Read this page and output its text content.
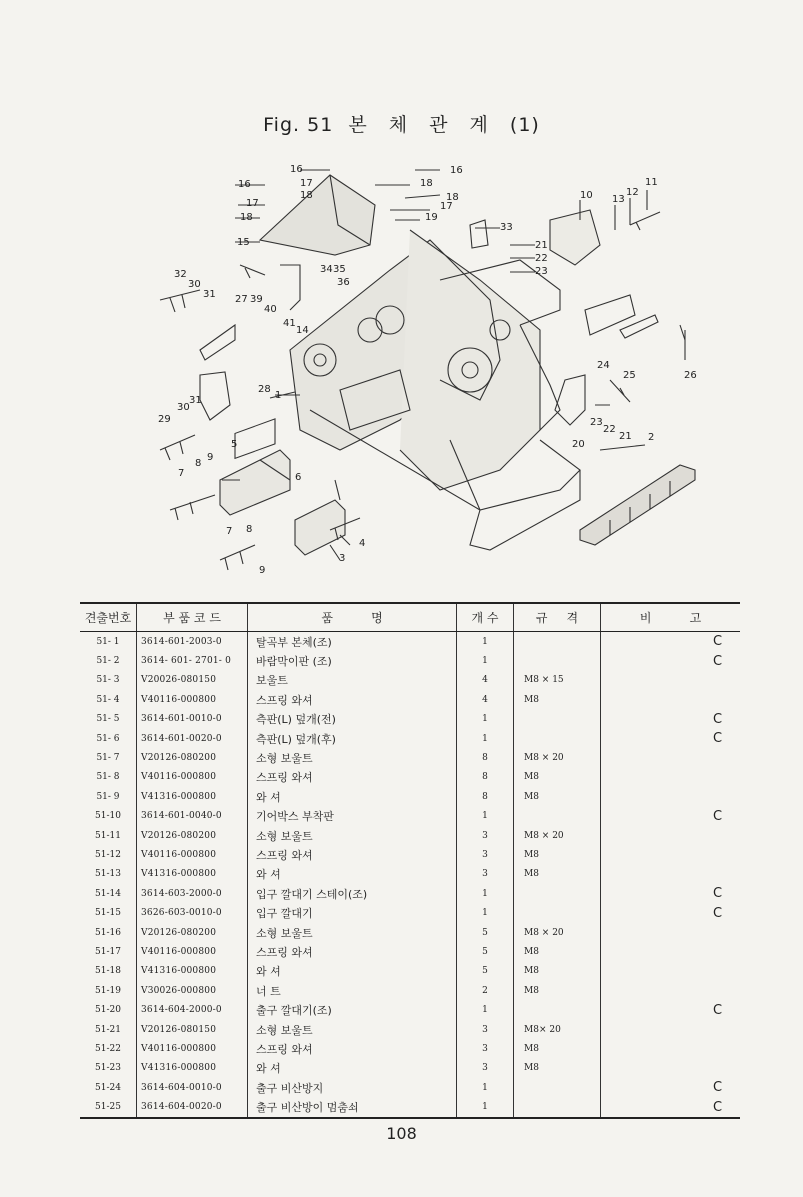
Fig. 51 본 체 관 계 (1)
16
16	17
18
16
18
18
17
19
15
17
18
33
21
22
23
10 13
12
11
32
30
31 27 39
40
41
14
34 35
36
24
25	26
1
28
20
23
22
21 2
29
30
31
5
8
9
7	6
4
3
7 8
9
견출번호	부 품 코 드	품          명	개 수	규     격	비          고
51- 1	3614-601-2003-0	탈곡부 본체(조)	1		C
51- 2	3614- 601- 2701- 0	바람막이판 (조)	1		C
51- 3	V20026-080150	보울트	4	M8 × 15	
51- 4	V40116-000800	스프링 와셔	4	M8	
51- 5	3614-601-0010-0	측판(L) 덮개(전)	1		C
51- 6	3614-601-0020-0	측판(L) 덮개(후)	1		C
51- 7	V20126-080200	소형 보울트	8	M8 × 20	
51- 8	V40116-000800	스프링 와셔	8	M8	
51- 9	V41316-000800	와 셔	8	M8	
51-10	3614-601-0040-0	기어박스 부착판	1		C
51-11	V20126-080200	소형 보울트	3	M8 × 20	
51-12	V40116-000800	스프링 와셔	3	M8	
51-13	V41316-000800	와 셔	3	M8	
51-14	3614-603-2000-0	입구 깔대기 스테이(조)	1		C
51-15	3626-603-0010-0	입구 깔대기	1		C
51-16	V20126-080200	소형 보울트	5	M8 × 20	
51-17	V40116-000800	스프링 와셔	5	M8	
51-18	V41316-000800	와 셔	5	M8	
51-19	V30026-000800	너 트	2	M8	
51-20	3614-604-2000-0	출구 깔대기(조)	1		C
51-21	V20126-080150	소형 보울트	3	M8× 20	
51-22	V40116-000800	스프링 와셔	3	M8	
51-23	V41316-000800	와 셔	3	M8	
51-24	3614-604-0010-0	출구 비산방지	1		C
51-25	3614-604-0020-0	출구 비산방이 멈춤쇠	1		C
108
